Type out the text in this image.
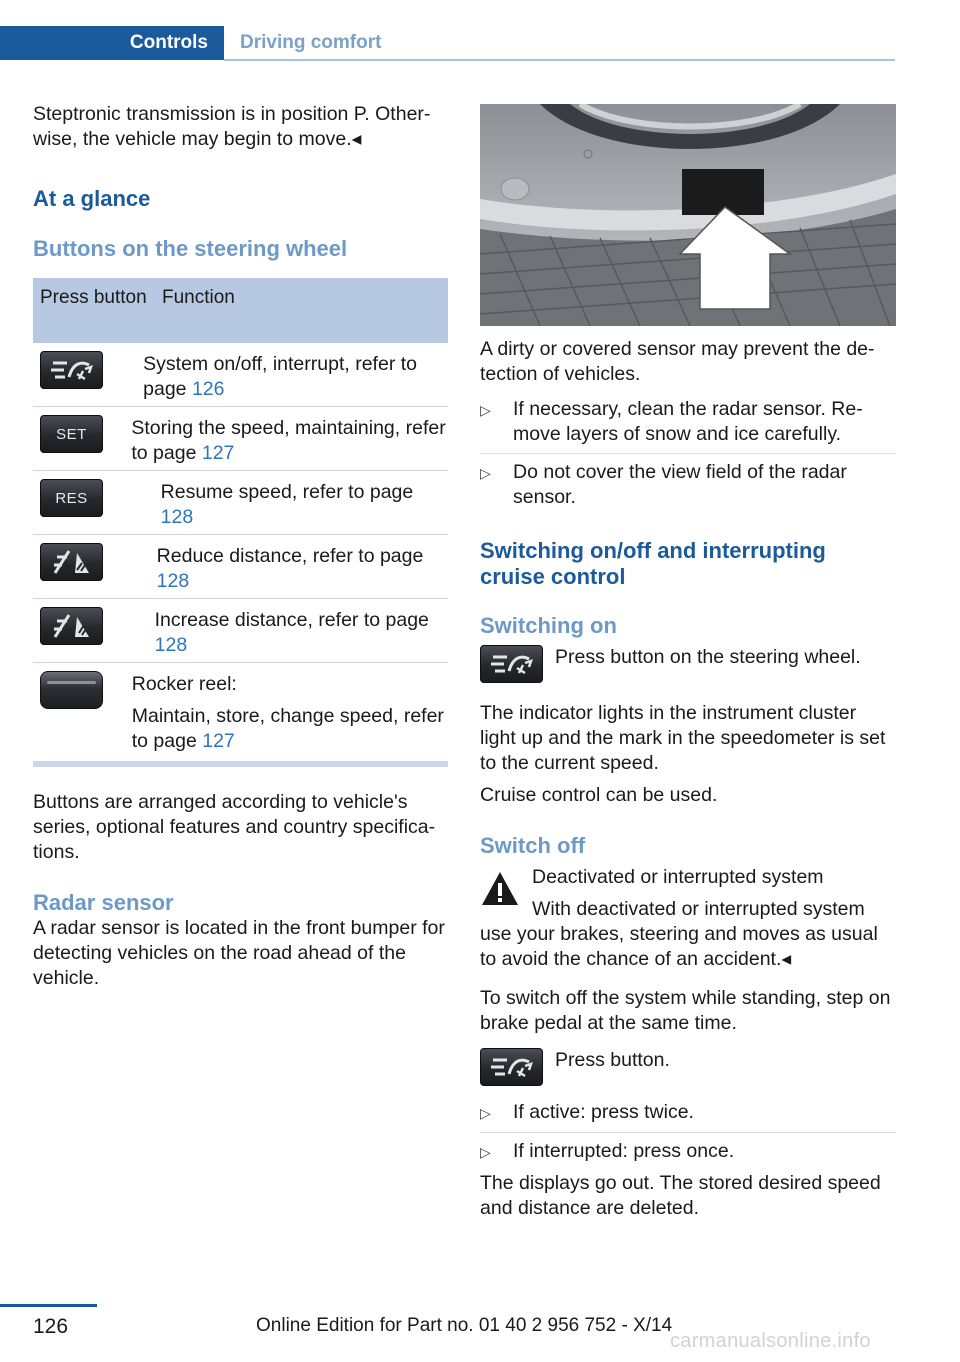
Controls	Driving comfort

Steptronic transmission is in position P. Otherwise, the vehicle may begin to move.◂

At a glance
Buttons on the steering wheel
Press button Function
System on/off, interrupt, refer to page 126
SET	Storing the speed, maintaining, refer to page 127
RES	Resume speed, refer to page 128
Reduce distance, refer to page 128
Increase distance, refer to page 128
Rocker reel:
Maintain, store, change speed, refer to page 127

Buttons are arranged according to vehicle's series, optional features and country specifications.

Radar sensor

A radar sensor is located in the front bumper for detecting vehicles on the road ahead of the vehicle.

A dirty or covered sensor may prevent the detection of vehicles.

▷	If necessary, clean the radar sensor. Remove layers of snow and ice carefully.
▷	Do not cover the view field of the radar sensor.
Switching on/off and interrupting cruise control
Switching on

Press button on the steering wheel.

The indicator lights in the instrument cluster light up and the mark in the speedometer is set to the current speed.

Cruise control can be used.

Switch off

Deactivated or interrupted system

With deactivated or interrupted system use your brakes, steering and moves as usual to avoid the chance of an accident.◂

To switch off the system while standing, step on brake pedal at the same time.

Press button.

▷	If active: press twice.
▷	If interrupted: press once.

The displays go out. The stored desired speed and distance are deleted.

126	Online Edition for Part no. 01 40 2 956 752 - X/14
carmanualsonline.info
